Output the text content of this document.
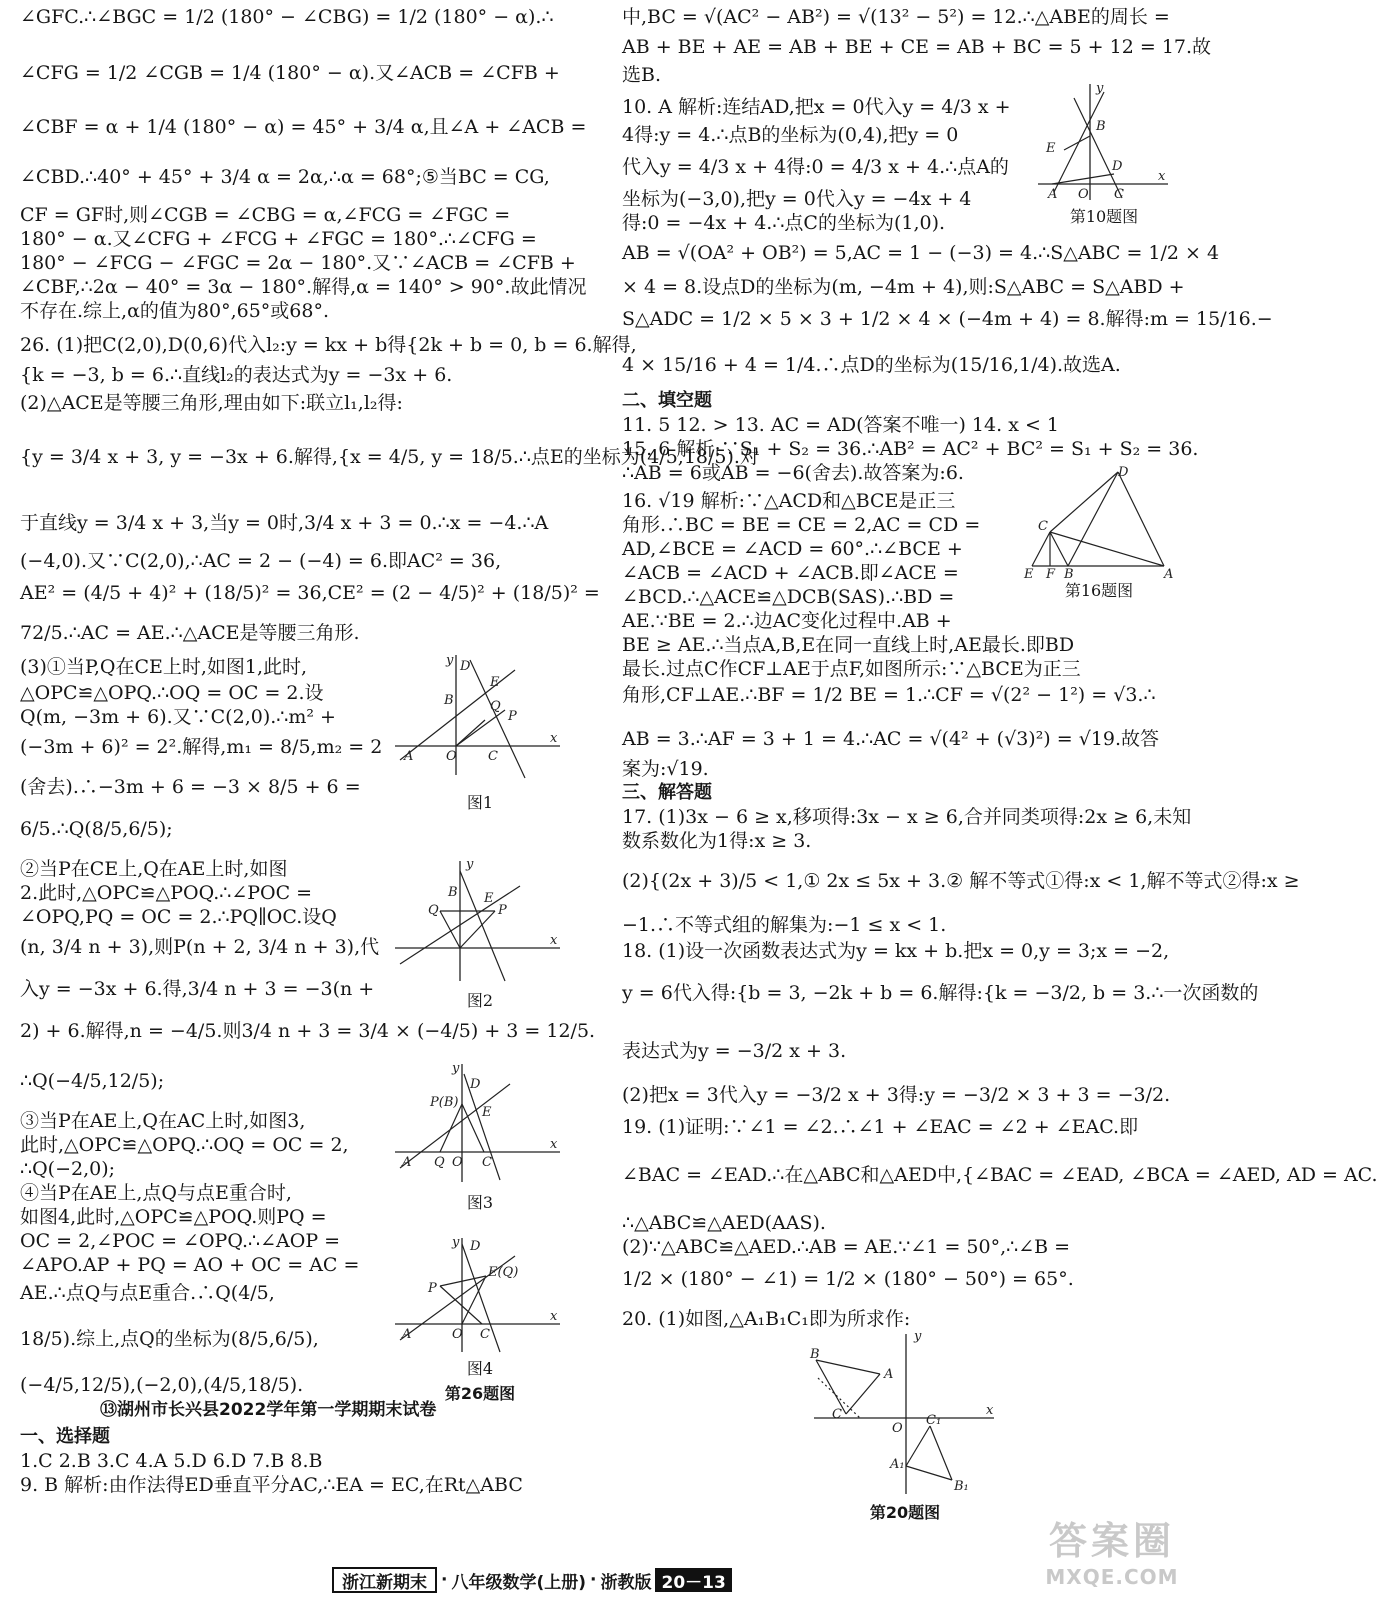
∠GFC.∴∠BGC = 1/2 (180° − ∠CBG) = 1/2 (180° − α).∴
∠CFG = 1/2 ∠CGB = 1/4 (180° − α).又∠ACB = ∠CFB +
∠CBF = α + 1/4 (180° − α) = 45° + 3/4 α,且∠A + ∠ACB =
∠CBD.∴40° + 45° + 3/4 α = 2α,∴α = 68°;⑤当BC = CG,
CF = GF时,则∠CGB = ∠CBG = α,∠FCG = ∠FGC =
180° − α.又∠CFG + ∠FCG + ∠FGC = 180°.∴∠CFG =
180° − ∠FCG − ∠FGC = 2α − 180°.又∵∠ACB = ∠CFB +
∠CBF,∴2α − 40° = 3α − 180°.解得,α = 140° > 90°.故此情况
不存在.综上,α的值为80°,65°或68°.
26. (1)把C(2,0),D(0,6)代入l₂:y = kx + b得{2k + b = 0, b = 6.解得,
{k = −3, b = 6.∴直线l₂的表达式为y = −3x + 6.
(2)△ACE是等腰三角形,理由如下:联立l₁,l₂得:
{y = 3/4 x + 3, y = −3x + 6.解得,{x = 4/5, y = 18/5.∴点E的坐标为(4/5,18/5).对
于直线y = 3/4 x + 3,当y = 0时,3/4 x + 3 = 0.∴x = −4.∴A
(−4,0).又∵C(2,0),∴AC = 2 − (−4) = 6.即AC² = 36,
AE² = (4/5 + 4)² + (18/5)² = 36,CE² = (2 − 4/5)² + (18/5)² =
72/5.∴AC = AE.∴△ACE是等腰三角形.
(3)①当P,Q在CE上时,如图1,此时,
△OPC≌△OPQ.∴OQ = OC = 2.设
Q(m, −3m + 6).又∵C(2,0).∴m² +
(−3m + 6)² = 2².解得,m₁ = 8/5,m₂ = 2
(舍去).∴−3m + 6 = −3 × 8/5 + 6 =
6/5.∴Q(8/5,6/5);
②当P在CE上,Q在AE上时,如图
2.此时,△OPC≌△POQ.∴∠POC =
∠OPQ,PQ = OC = 2.∴PQ∥OC.设Q
(n, 3/4 n + 3),则P(n + 2, 3/4 n + 3),代
入y = −3x + 6.得,3/4 n + 3 = −3(n +
2) + 6.解得,n = −4/5.则3/4 n + 3 = 3/4 × (−4/5) + 3 = 12/5.
∴Q(−4/5,12/5);
③当P在AE上,Q在AC上时,如图3,
此时,△OPC≌△OPQ.∴OQ = OC = 2,
∴Q(−2,0);
④当P在AE上,点Q与点E重合时,
如图4,此时,△OPC≌△POQ.则PQ =
OC = 2,∠POC = ∠OPQ.∴∠AOP =
∠APO.AP + PQ = AO + OC = AC =
AE.∴点Q与点E重合.∴Q(4/5,
18/5).综上,点Q的坐标为(8/5,6/5),
(−4/5,12/5),(−2,0),(4/5,18/5).
中,BC = √(AC² − AB²) = √(13² − 5²) = 12.∴△ABE的周长 =
AB + BE + AE = AB + BE + CE = AB + BC = 5 + 12 = 17.故
选B.
10. A 解析:连结AD,把x = 0代入y = 4/3 x +
4得:y = 4.∴点B的坐标为(0,4),把y = 0
代入y = 4/3 x + 4得:0 = 4/3 x + 4.∴点A的
坐标为(−3,0),把y = 0代入y = −4x + 4
得:0 = −4x + 4.∴点C的坐标为(1,0).
AB = √(OA² + OB²) = 5,AC = 1 − (−3) = 4.∴S△ABC = 1/2 × 4
× 4 = 8.设点D的坐标为(m, −4m + 4),则:S△ABC = S△ABD +
S△ADC = 1/2 × 5 × 3 + 1/2 × 4 × (−4m + 4) = 8.解得:m = 15/16.−
4 × 15/16 + 4 = 1/4.∴点D的坐标为(15/16,1/4).故选A.
二、填空题
11. 5 12. > 13. AC = AD(答案不唯一) 14. x < 1
15. 6 解析:∵S₁ + S₂ = 36.∴AB² = AC² + BC² = S₁ + S₂ = 36.
∴AB = 6或AB = −6(舍去).故答案为:6.
16. √19 解析:∵△ACD和△BCE是正三
角形.∴BC = BE = CE = 2,AC = CD =
AD,∠BCE = ∠ACD = 60°.∴∠BCE +
∠ACB = ∠ACD + ∠ACB.即∠ACE =
∠BCD.∴△ACE≌△DCB(SAS).∴BD =
AE.∵BE = 2.∴边AC变化过程中.AB +
BE ≥ AE.∴当点A,B,E在同一直线上时,AE最长.即BD
最长.过点C作CF⊥AE于点F,如图所示:∵△BCE为正三
角形,CF⊥AE.∴BF = 1/2 BE = 1.∴CF = √(2² − 1²) = √3.∴
AB = 3.∴AF = 3 + 1 = 4.∴AC = √(4² + (√3)²) = √19.故答
案为:√19.
三、解答题
17. (1)3x − 6 ≥ x,移项得:3x − x ≥ 6,合并同类项得:2x ≥ 6,未知
数系数化为1得:x ≥ 3.
(2){(2x + 3)/5 < 1,① 2x ≤ 5x + 3.② 解不等式①得:x < 1,解不等式②得:x ≥
−1.∴不等式组的解集为:−1 ≤ x < 1.
18. (1)设一次函数表达式为y = kx + b.把x = 0,y = 3;x = −2,
y = 6代入得:{b = 3, −2k + b = 6.解得:{k = −3/2, b = 3.∴一次函数的
表达式为y = −3/2 x + 3.
(2)把x = 3代入y = −3/2 x + 3得:y = −3/2 × 3 + 3 = −3/2.
19. (1)证明:∵∠1 = ∠2.∴∠1 + ∠EAC = ∠2 + ∠EAC.即
∠BAC = ∠EAD.∴在△ABC和△AED中,{∠BAC = ∠EAD, ∠BCA = ∠AED, AD = AC.
∴△ABC≌△AED(AAS).
(2)∵△ABC≌△AED.∴AB = AE.∵∠1 = 50°,∴∠B =
1/2 × (180° − ∠1) = 1/2 × (180° − 50°) = 65°.
20. (1)如图,△A₁B₁C₁即为所求作:
⑬湖州市长兴县2022学年第一学期期末试卷
一、选择题
1.C 2.B 3.C 4.A 5.D 6.D 7.B 8.B
9. B 解析:由作法得ED垂直平分AC,∴EA = EC,在Rt△ABC
y D
E
B	Q
P
A	O C
x
图1
y
B
Q
E
P
x
图2
y
D
P(B)
E
A Q O C
x
图3
D
y
E(Q)
P
A	O C
x
图4
第26题图
y
B
E
D
A O C
x
第10题图
D
C
E F B	A
第16题图
y
B
A
C
O
x
C₁
A₁
B₁
第20题图
浙江新期末 · 八年级数学(上册) · 浙教版 20－13
答案圈
MXQE.COM
